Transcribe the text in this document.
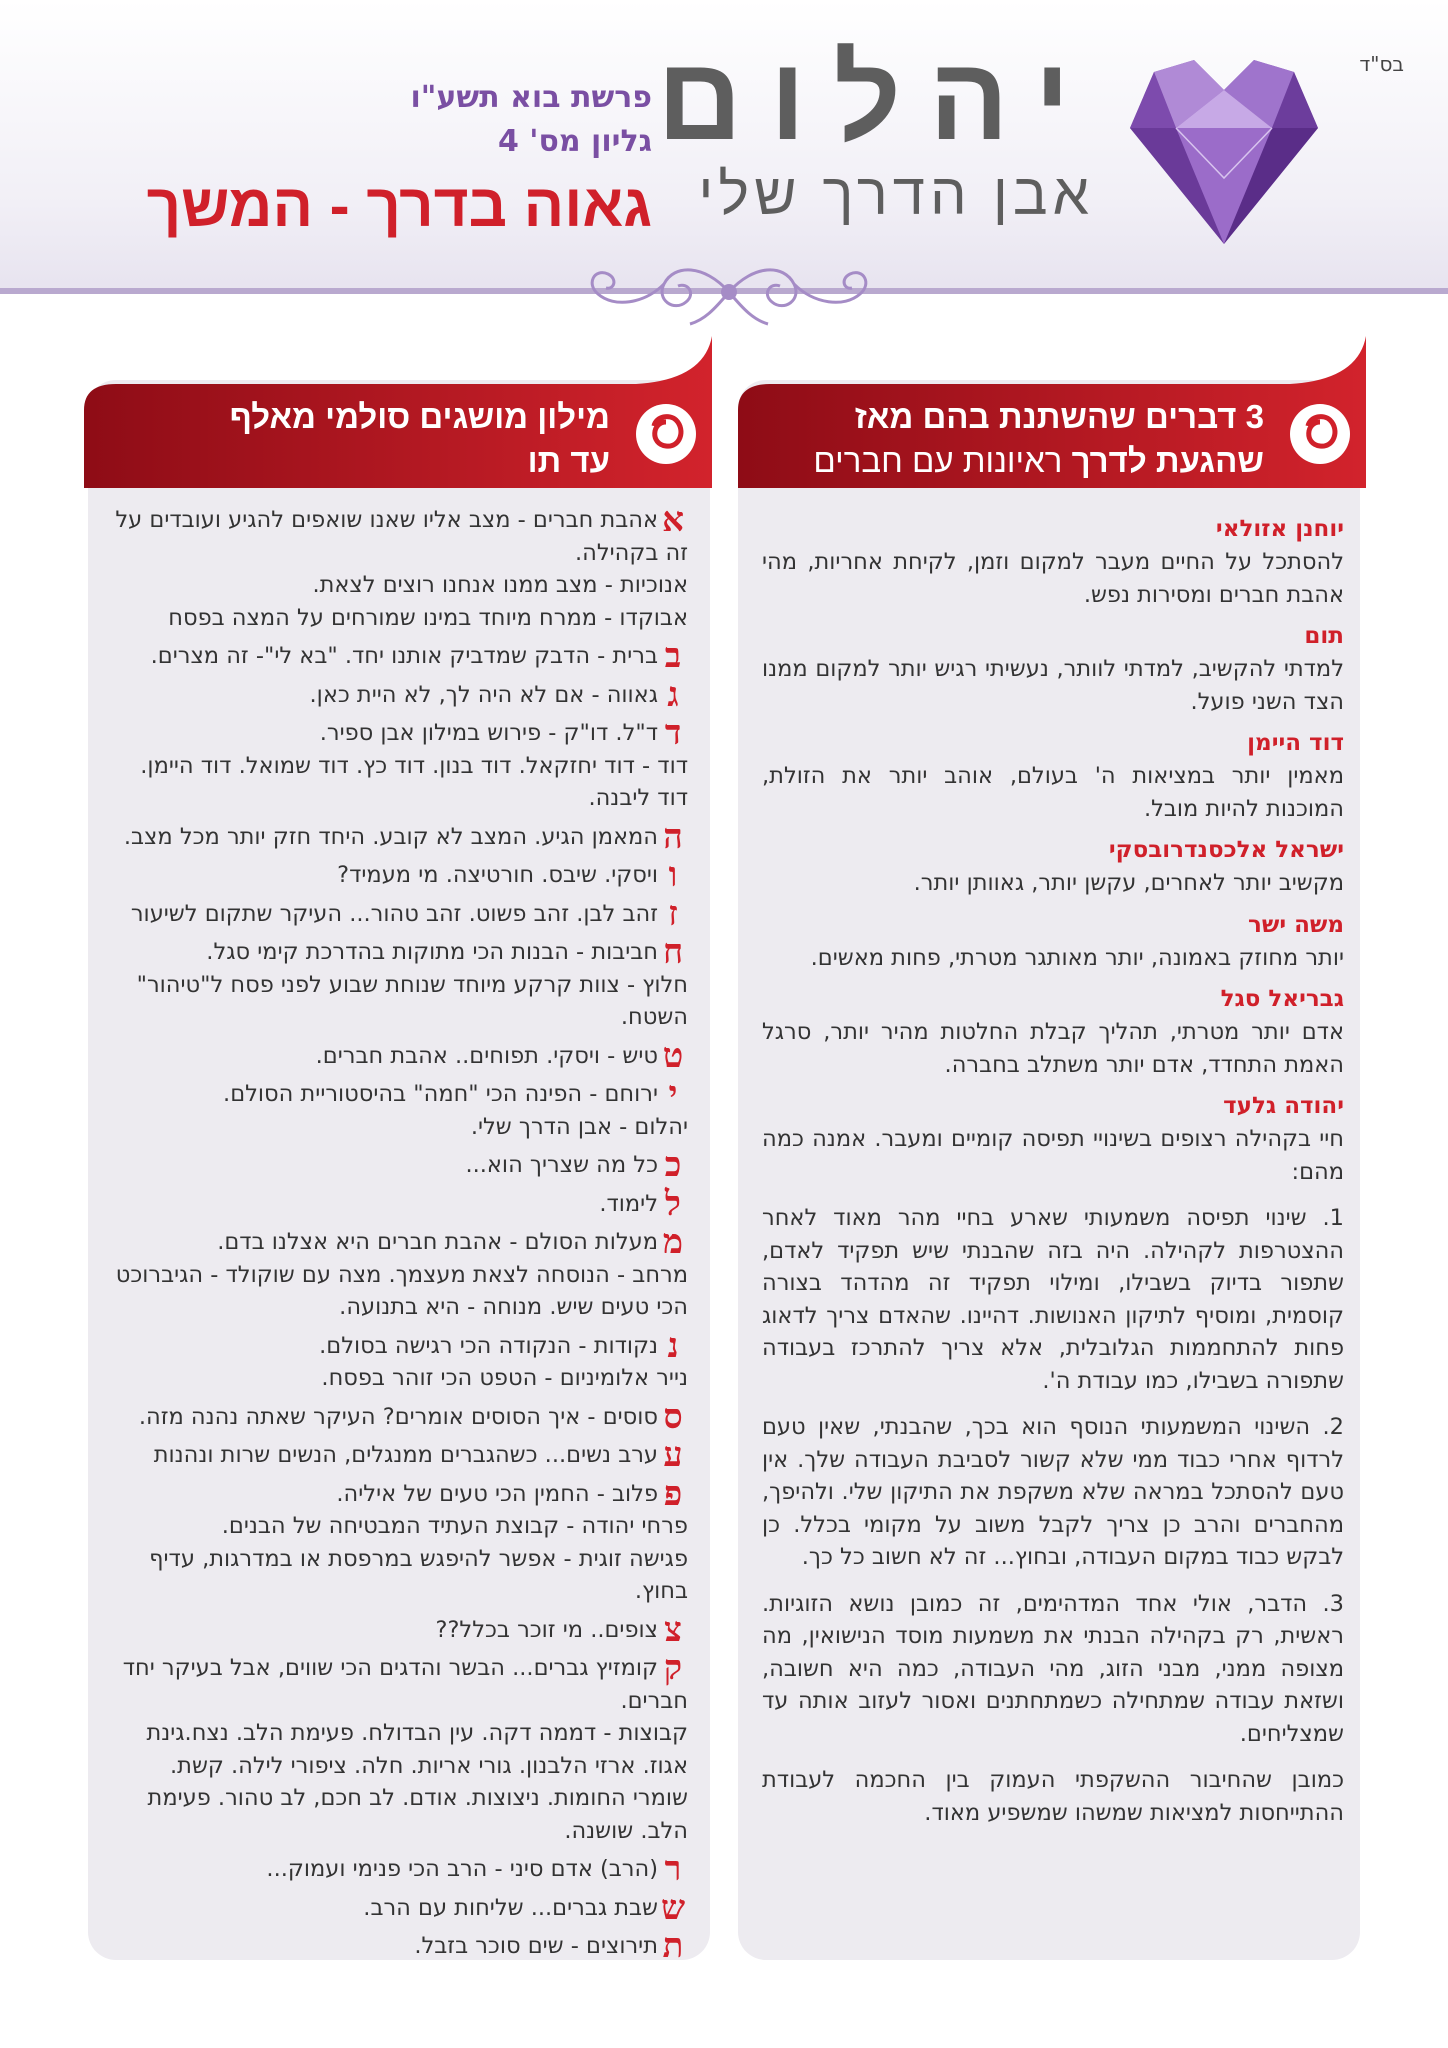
בס"ד
יהלום
אבן הדרך שלי
פרשת בוא תשע"ו
גליון מס' 4
גאוה בדרך - המשך
3 דברים שהשתנת בהם מאז
שהגעת לדרך ראיונות עם חברים
מילון מושגים סולמי מאלף
עד תו
יוחנן אזולאי

להסתכל על החיים מעבר למקום וזמן, לקיחת אחריות, מהי אהבת חברים ומסירות נפש.

תום

למדתי להקשיב, למדתי לוותר, נעשיתי רגיש יותר למקום ממנו הצד השני פועל.

דוד היימן

מאמין יותר במציאות ה' בעולם, אוהב יותר את הזולת, המוכנות להיות מובל.

ישראל אלכסנדרובסקי

מקשיב יותר לאחרים, עקשן יותר, גאוותן יותר.

משה ישר

יותר מחוזק באמונה, יותר מאותגר מטרתי, פחות מאשים.

גבריאל סגל

אדם יותר מטרתי, תהליך קבלת החלטות מהיר יותר, סרגל האמת התחדד, אדם יותר משתלב בחברה.

יהודה גלעד

חיי בקהילה רצופים בשינויי תפיסה קומיים ומעבר. אמנה כמה מהם:

1. שינוי תפיסה משמעותי שארע בחיי מהר מאוד לאחר ההצטרפות לקהילה. היה בזה שהבנתי שיש תפקיד לאדם, שתפור בדיוק בשבילו, ומילוי תפקיד זה מהדהד בצורה קוסמית, ומוסיף לתיקון האנושות. דהיינו. שהאדם צריך לדאוג פחות להתחממות הגלובלית, אלא צריך להתרכז בעבודה שתפורה בשבילו, כמו עבודת ה'.

2. השינוי המשמעותי הנוסף הוא בכך, שהבנתי, שאין טעם לרדוף אחרי כבוד ממי שלא קשור לסביבת העבודה שלך. אין טעם להסתכל במראה שלא משקפת את התיקון שלי. ולהיפך, מהחברים והרב כן צריך לקבל משוב על מקומי בכלל. כן לבקש כבוד במקום העבודה, ובחוץ... זה לא חשוב כל כך.

3. הדבר, אולי אחד המדהימים, זה כמובן נושא הזוגיות. ראשית, רק בקהילה הבנתי את משמעות מוסד הנישואין, מה מצופה ממני, מבני הזוג, מהי העבודה, כמה היא חשובה, ושזאת עבודה שמתחילה כשמתחתנים ואסור לעזוב אותה עד שמצליחים.

כמובן שהחיבור ההשקפתי העמוק בין החכמה לעבודת ההתייחסות למציאות שמשהו שמשפיע מאוד.

אאהבת חברים - מצב אליו שאנו שואפים להגיע ועובדים על זה בקהילה.
אנוכיות - מצב ממנו אנחנו רוצים לצאת.
אבוקדו - ממרח מיוחד במינו שמורחים על המצה בפסח
בברית - הדבק שמדביק אותנו יחד. "בא לי"- זה מצרים.
גגאווה - אם לא היה לך, לא היית כאן.
דד"ל. דו"ק - פירוש במילון אבן ספיר.
דוד - דוד יחזקאל. דוד בנון. דוד כץ. דוד שמואל. דוד היימן. דוד ליבנה.
ההמאמן הגיע. המצב לא קובע. היחד חזק יותר מכל מצב.
וויסקי. שיבס. חורטיצה. מי מעמיד?
זזהב לבן. זהב פשוט. זהב טהור... העיקר שתקום לשיעור
חחביבות - הבנות הכי מתוקות בהדרכת קימי סגל.
חלוץ - צוות קרקע מיוחד שנוחת שבוע לפני פסח ל"טיהור" השטח.
טטיש - ויסקי. תפוחים.. אהבת חברים.
יירוחם - הפינה הכי "חמה" בהיסטוריית הסולם.
יהלום - אבן הדרך שלי.
ככל מה שצריך הוא...
ללימוד.
ממעלות הסולם - אהבת חברים היא אצלנו בדם.
מרחב - הנוסחה לצאת מעצמך. מצה עם שוקולד - הגיברוכט הכי טעים שיש. מנוחה - היא בתנועה.
ננקודות - הנקודה הכי רגישה בסולם.
נייר אלומיניום - הטפט הכי זוהר בפסח.
ססוסים - איך הסוסים אומרים? העיקר שאתה נהנה מזה.
עערב נשים... כשהגברים ממנגלים, הנשים שרות ונהנות
פפלוב - החמין הכי טעים של איליה.
פרחי יהודה - קבוצת העתיד המבטיחה של הבנים.
פגישה זוגית - אפשר להיפגש במרפסת או במדרגות, עדיף בחוץ.
צצופים.. מי זוכר בכלל??
קקומזיץ גברים... הבשר והדגים הכי שווים, אבל בעיקר יחד חברים.
קבוצות - דממה דקה. עין הבדולח. פעימת הלב. נצח.גינת אגוז. ארזי הלבנון. גורי אריות. חלה. ציפורי לילה. קשת. שומרי החומות. ניצוצות. אודם. לב חכם, לב טהור. פעימת הלב. שושנה.
ר(הרב) אדם סיני - הרב הכי פנימי ועמוק...
ששבת גברים... שליחות עם הרב.
תתירוצים - שים סוכר בזבל.
